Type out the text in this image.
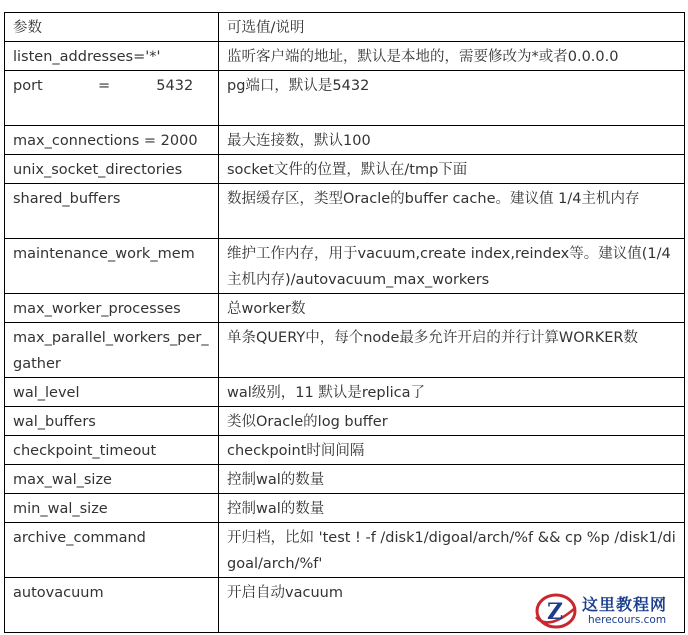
参数	可选值/说明
listen_addresses='*'	监听客户端的地址，默认是本地的，需要修改为*或者0.0.0.0
port            =          5432	pg端口，默认是5432
max_connections = 2000	最大连接数，默认100
unix_socket_directories	socket文件的位置，默认在/tmp下面
shared_buffers	数据缓存区，类型Oracle的buffer cache。建议值 1/4主机内存
maintenance_work_mem	维护工作内存，用于vacuum,create index,reindex等。建议值(1/4 主机内存)/autovacuum_max_workers
max_worker_processes	总worker数
max_parallel_workers_per_gather	单条QUERY中，每个node最多允许开启的并行计算WORKER数
wal_level	wal级别，11 默认是replica了
wal_buffers	类似Oracle的log buffer
checkpoint_timeout	checkpoint时间间隔
max_wal_size	控制wal的数量
min_wal_size	控制wal的数量
archive_command	开归档，比如 'test ! -f /disk1/digoal/arch/%f && cp %p /disk1/digoal/arch/%f'
autovacuum	开启自动vacuum
Z 这里教程网
herecours.com
